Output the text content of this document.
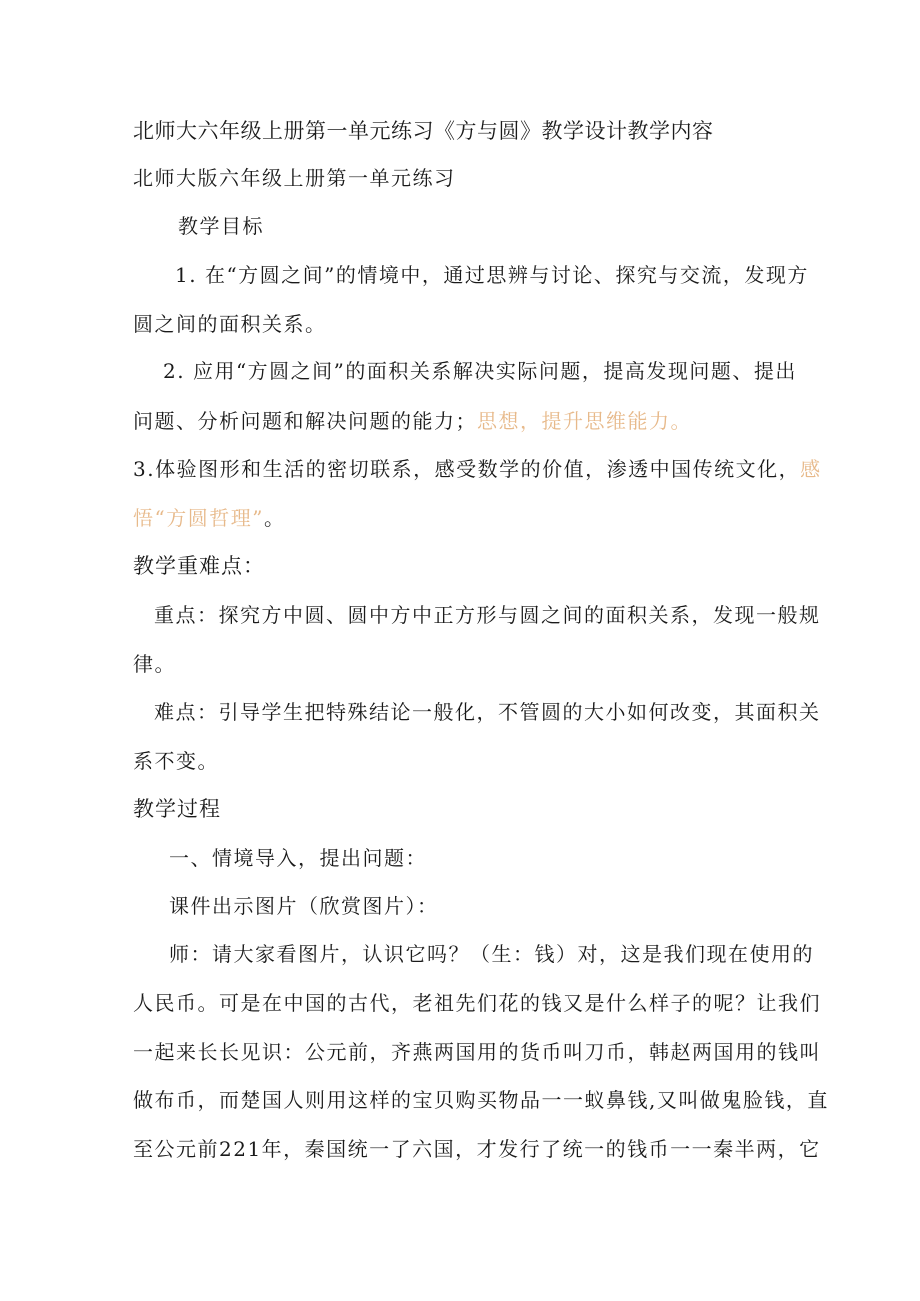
北师大六年级上册第一单元练习《方与圆》教学设计教学内容
北师大版六年级上册第一单元练习
教学目标
1. 在“方圆之间”的情境中，通过思辨与讨论、探究与交流，发现方
圆之间的面积关系。
2. 应用“方圆之间”的面积关系解决实际问题，提高发现问题、提出
问题、分析问题和解决问题的能力；思想，提升思维能力。
3.体验图形和生活的密切联系，感受数学的价值，渗透中国传统文化，感
悟“方圆哲理”。
教学重难点：
重点：探究方中圆、圆中方中正方形与圆之间的面积关系，发现一般规
律。
难点：引导学生把特殊结论一般化，不管圆的大小如何改变，其面积关
系不变。
教学过程
一、情境导入，提出问题：
课件出示图片（欣赏图片）：
师：请大家看图片，认识它吗？（生：钱）对，这是我们现在使用的
人民币。可是在中国的古代，老祖先们花的钱又是什么样子的呢？让我们
一起来长长见识：公元前，齐燕两国用的货币叫刀币，韩赵两国用的钱叫
做布币，而楚国人则用这样的宝贝购买物品一一蚁鼻钱,又叫做鬼脸钱，直
至公元前221年，秦国统一了六国，才发行了统一的钱币一一秦半两，它
